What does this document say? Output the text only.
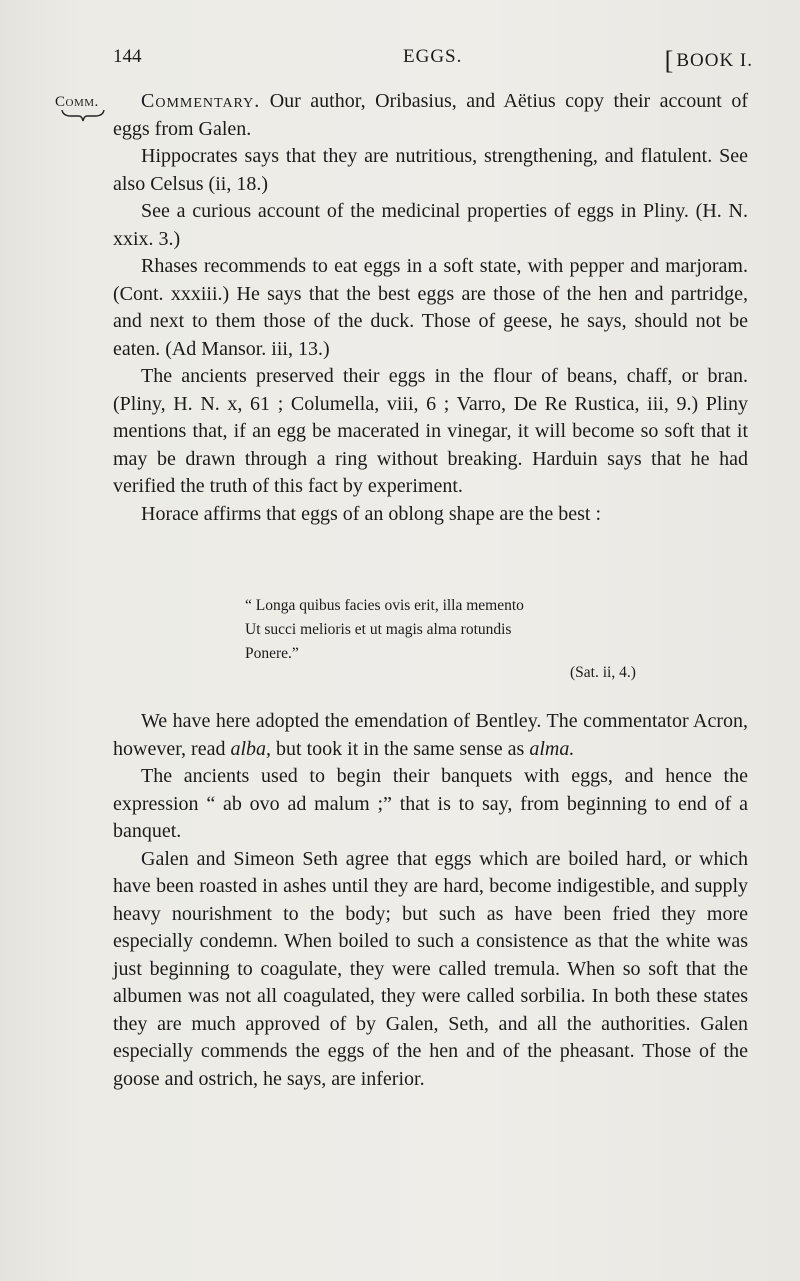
144	EGGS.	[ BOOK I.
Comm.	Commentary. Our author, Oribasius, and Aëtius copy their account of eggs from Galen.

Hippocrates says that they are nutritious, strengthening, and flatulent. See also Celsus (ii, 18.)

See a curious account of the medicinal properties of eggs in Pliny. (H. N. xxix. 3.)

Rhases recommends to eat eggs in a soft state, with pepper and marjoram. (Cont. xxxiii.) He says that the best eggs are those of the hen and partridge, and next to them those of the duck. Those of geese, he says, should not be eaten. (Ad Mansor. iii, 13.)

The ancients preserved their eggs in the flour of beans, chaff, or bran. (Pliny, H. N. x, 61 ; Columella, viii, 6 ; Varro, De Re Rustica, iii, 9.) Pliny mentions that, if an egg be macerated in vinegar, it will become so soft that it may be drawn through a ring without breaking. Harduin says that he had verified the truth of this fact by experiment.

Horace affirms that eggs of an oblong shape are the best :

“ Longa quibus facies ovis erit, illa memento
Ut succi melioris et ut magis alma rotundis
Ponere.”
(Sat. ii, 4.)

We have here adopted the emendation of Bentley. The commentator Acron, however, read alba, but took it in the same sense as alma.

The ancients used to begin their banquets with eggs, and hence the expression “ ab ovo ad malum ;” that is to say, from beginning to end of a banquet.

Galen and Simeon Seth agree that eggs which are boiled hard, or which have been roasted in ashes until they are hard, become indigestible, and supply heavy nourishment to the body; but such as have been fried they more especially condemn. When boiled to such a consistence as that the white was just beginning to coagulate, they were called tremula. When so soft that the albumen was not all coagulated, they were called sorbilia. In both these states they are much approved of by Galen, Seth, and all the authorities. Galen especially commends the eggs of the hen and of the pheasant. Those of the goose and ostrich, he says, are inferior.
